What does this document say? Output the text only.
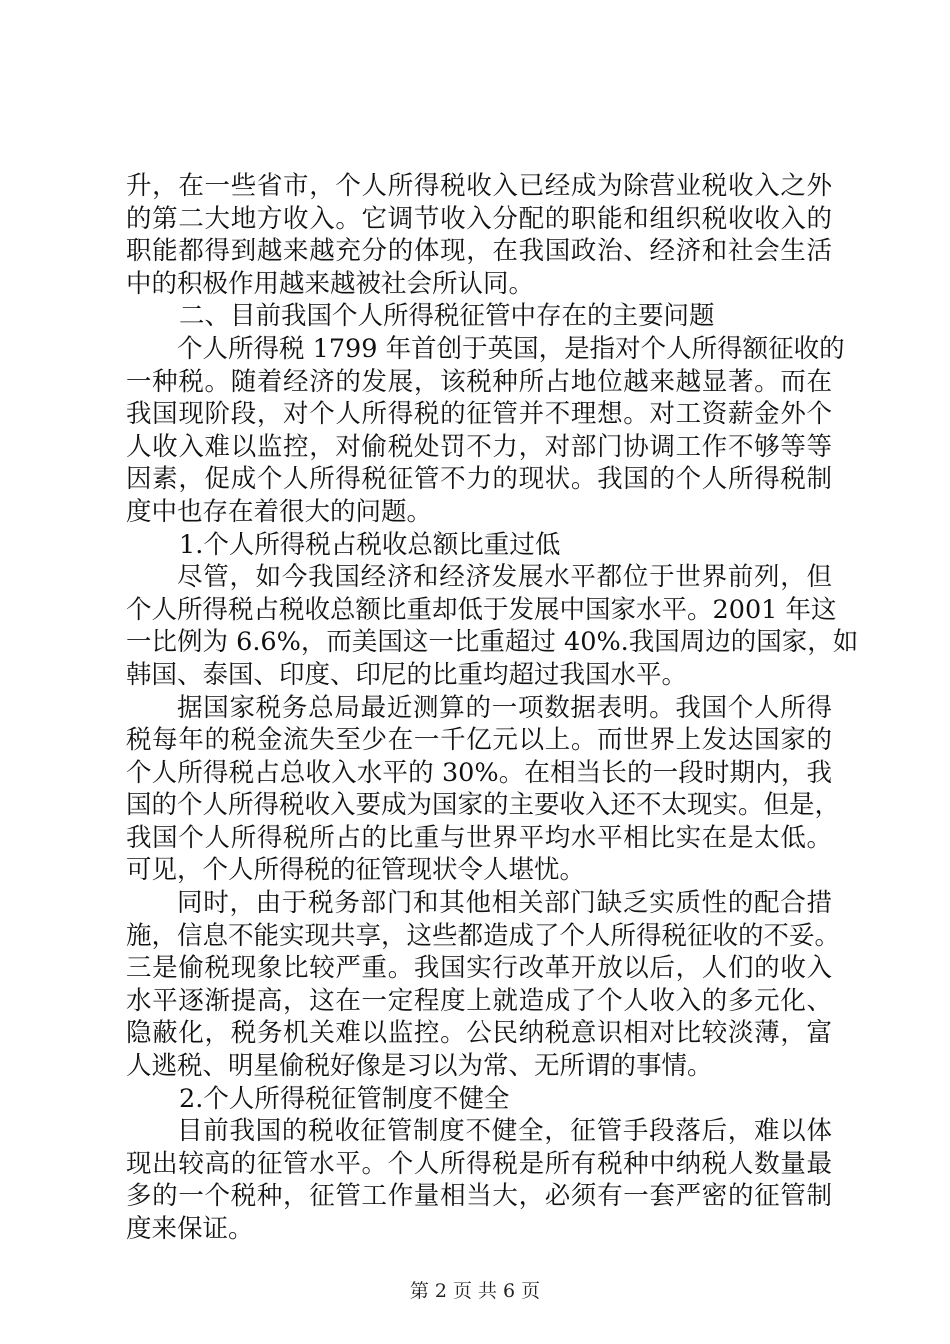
升，在一些省市，个人所得税收入已经成为除营业税收入之外
的第二大地方收入。它调节收入分配的职能和组织税收收入的
职能都得到越来越充分的体现，在我国政治、经济和社会生活
中的积极作用越来越被社会所认同。
二、目前我国个人所得税征管中存在的主要问题
个人所得税 1799 年首创于英国，是指对个人所得额征收的
一种税。随着经济的发展，该税种所占地位越来越显著。而在
我国现阶段，对个人所得税的征管并不理想。对工资薪金外个
人收入难以监控，对偷税处罚不力，对部门协调工作不够等等
因素，促成个人所得税征管不力的现状。我国的个人所得税制
度中也存在着很大的问题。
1.个人所得税占税收总额比重过低
尽管，如今我国经济和经济发展水平都位于世界前列，但
个人所得税占税收总额比重却低于发展中国家水平。2001 年这
一比例为 6.6%，而美国这一比重超过 40%.我国周边的国家，如
韩国、泰国、印度、印尼的比重均超过我国水平。
据国家税务总局最近测算的一项数据表明。我国个人所得
税每年的税金流失至少在一千亿元以上。而世界上发达国家的
个人所得税占总收入水平的 30%。在相当长的一段时期内，我
国的个人所得税收入要成为国家的主要收入还不太现实。但是，
我国个人所得税所占的比重与世界平均水平相比实在是太低。
可见，个人所得税的征管现状令人堪忧。
同时，由于税务部门和其他相关部门缺乏实质性的配合措
施，信息不能实现共享，这些都造成了个人所得税征收的不妥。
三是偷税现象比较严重。我国实行改革开放以后，人们的收入
水平逐渐提高，这在一定程度上就造成了个人收入的多元化、
隐蔽化，税务机关难以监控。公民纳税意识相对比较淡薄，富
人逃税、明星偷税好像是习以为常、无所谓的事情。
2.个人所得税征管制度不健全
目前我国的税收征管制度不健全，征管手段落后，难以体
现出较高的征管水平。个人所得税是所有税种中纳税人数量最
多的一个税种，征管工作量相当大，必须有一套严密的征管制
度来保证。
第 2 页 共 6 页
